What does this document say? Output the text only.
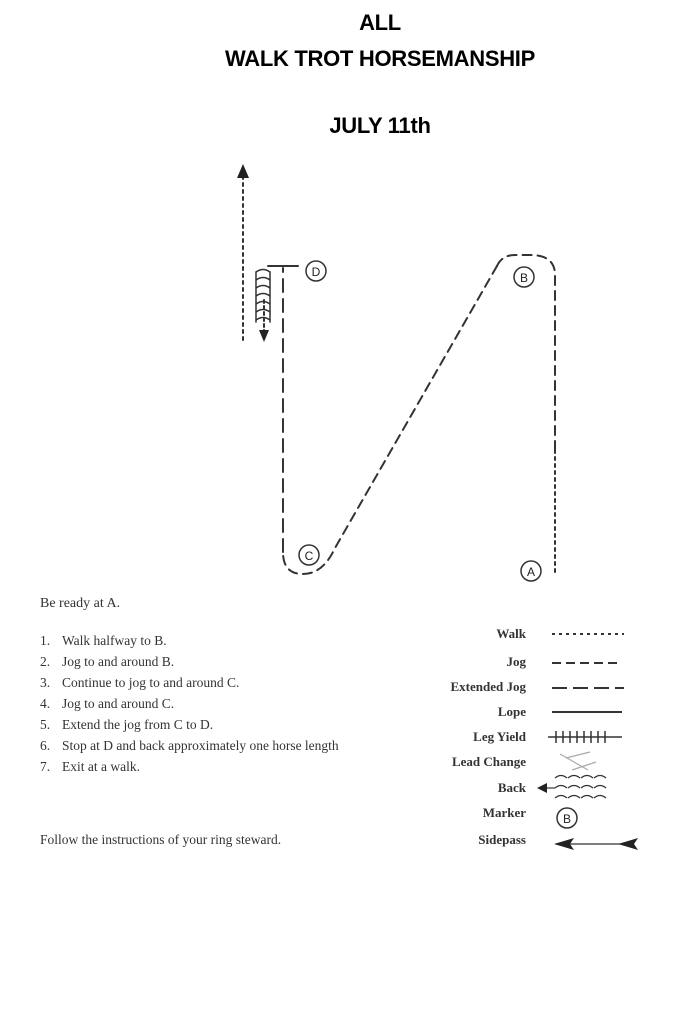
ALL
WALK TROT HORSEMANSHIP
JULY 11th
D	B
C
A
B
Be ready at A.
1. Walk halfway to B.
2. Jog to and around B.
3. Continue to jog to and around C.
4. Jog to and around C.
5. Extend the jog from C to D.
6. Stop at D and back approximately one horse length
7. Exit at a walk.
Follow the instructions of your ring steward.
Walk
Jog
Extended Jog
Lope
Leg Yield
Lead Change
Back
Marker
Sidepass
